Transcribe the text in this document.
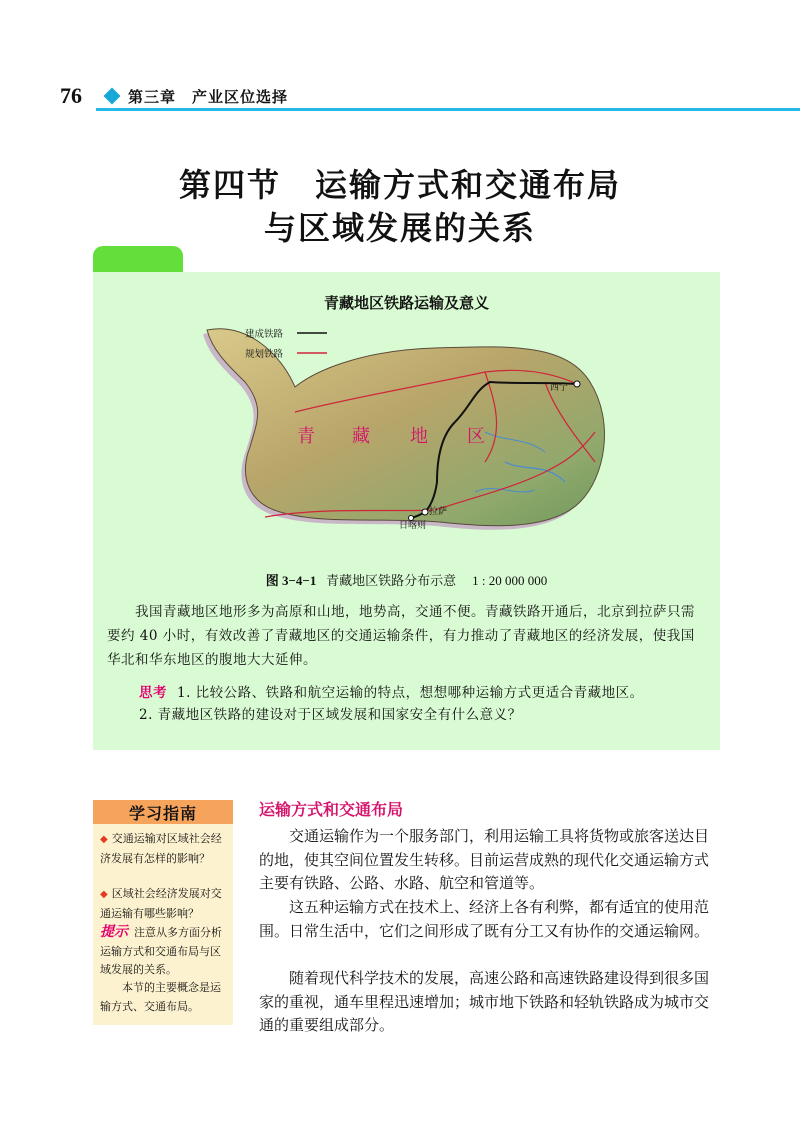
76	第三章　产业区位选择
第四节　运输方式和交通布局
与区域发展的关系
青藏地区铁路运输及意义
建成铁路
规划铁路
青 藏 地 区
西宁
拉萨
日喀则
图 3−4−1 青藏地区铁路分布示意 1 : 20 000 000
我国青藏地区地形多为高原和山地，地势高，交通不便。青藏铁路开通后，北京到拉萨只需要约 40 小时，有效改善了青藏地区的交通运输条件，有力推动了青藏地区的经济发展，使我国华北和华东地区的腹地大大延伸。
思考 1. 比较公路、铁路和航空运输的特点，想想哪种运输方式更适合青藏地区。
2. 青藏地区铁路的建设对于区域发展和国家安全有什么意义？
学习指南
◆ 交通运输对区域社会经济发展有怎样的影响？
◆ 区域社会经济发展对交通运输有哪些影响？
提示 注意从多方面分析运输方式和交通布局与区域发展的关系。
本节的主要概念是运输方式、交通布局。
运输方式和交通布局
交通运输作为一个服务部门，利用运输工具将货物或旅客送达目的地，使其空间位置发生转移。目前运营成熟的现代化交通运输方式主要有铁路、公路、水路、航空和管道等。
这五种运输方式在技术上、经济上各有利弊，都有适宜的使用范围。日常生活中，它们之间形成了既有分工又有协作的交通运输网。
随着现代科学技术的发展，高速公路和高速铁路建设得到很多国家的重视，通车里程迅速增加；城市地下铁路和轻轨铁路成为城市交通的重要组成部分。
